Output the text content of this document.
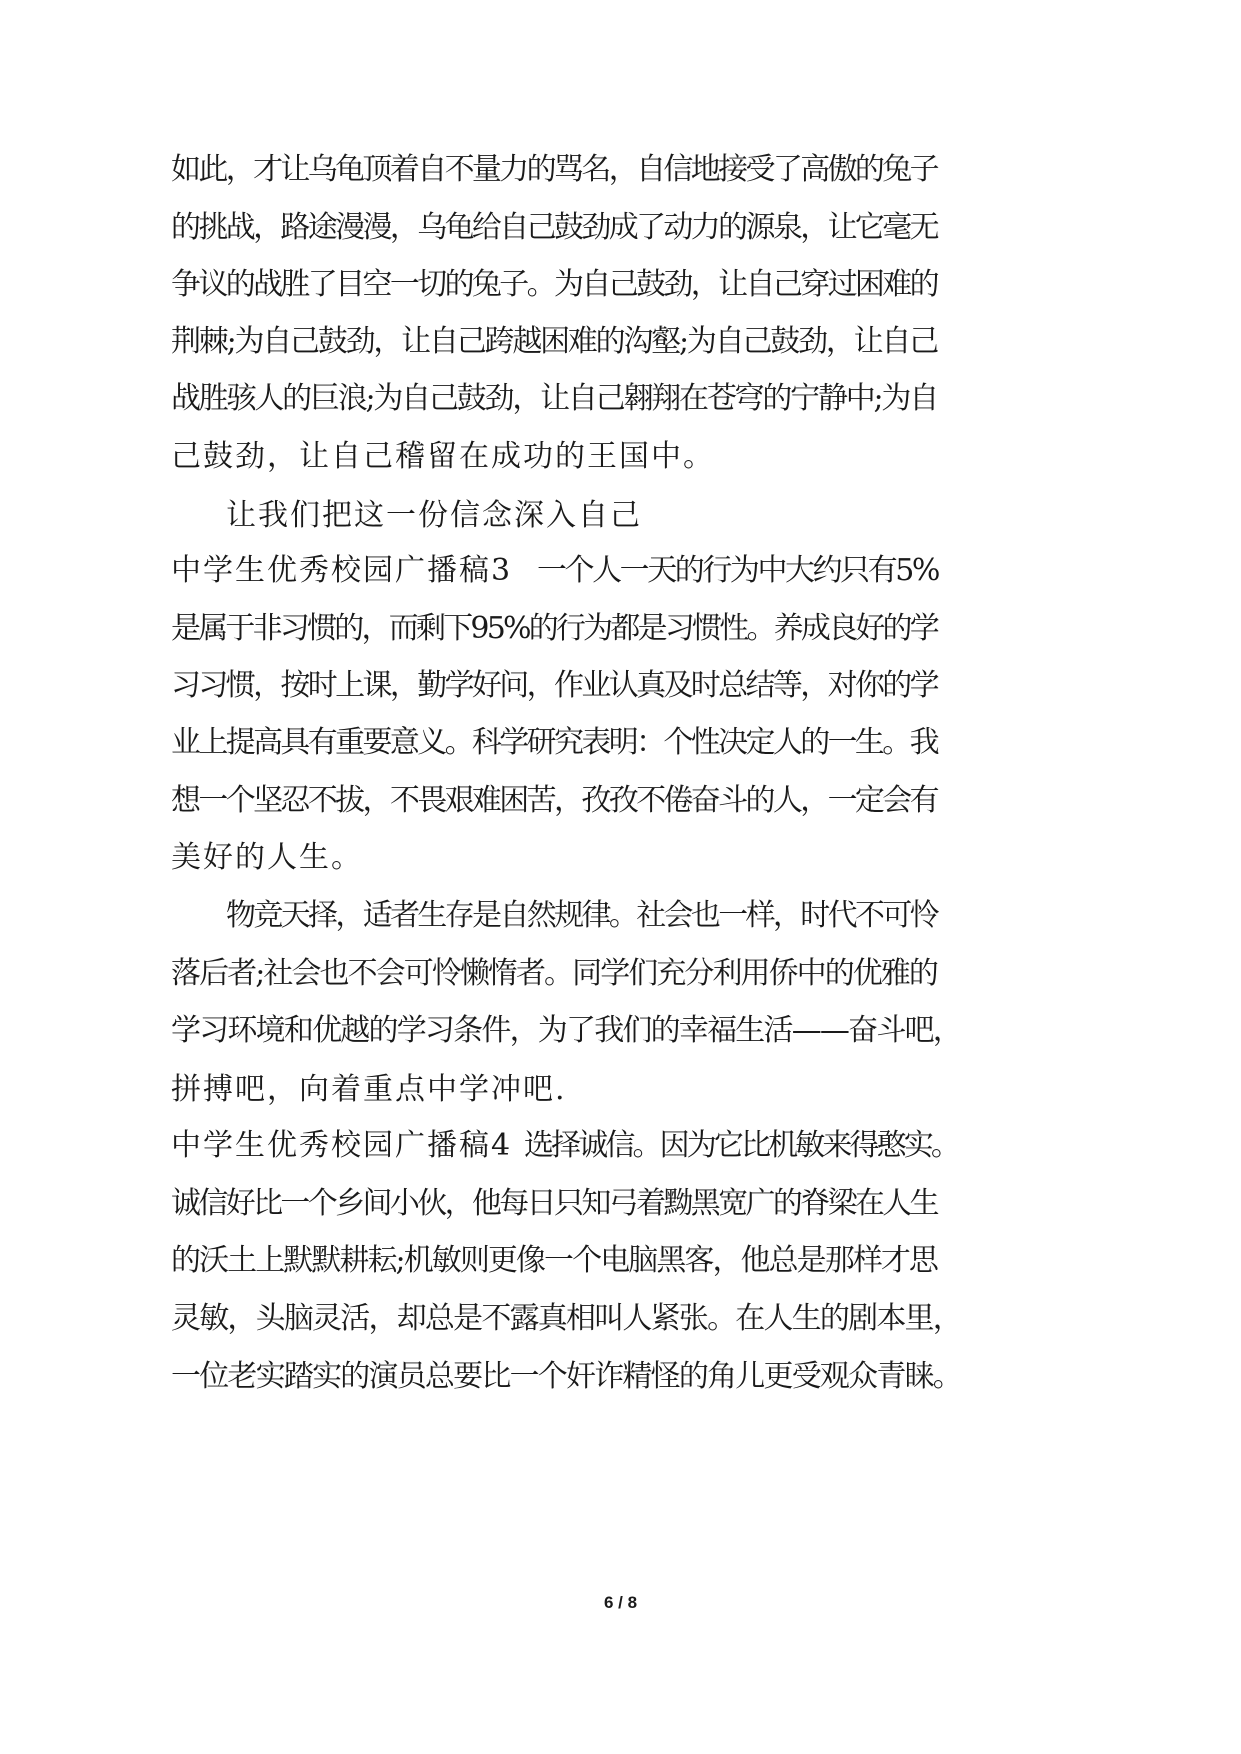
如此，才让乌龟顶着自不量力的骂名，自信地接受了高傲的兔子
的挑战，路途漫漫，乌龟给自己鼓劲成了动力的源泉，让它毫无
争议的战胜了目空一切的兔子。为自己鼓劲，让自己穿过困难的
荆棘;为自己鼓劲，让自己跨越困难的沟壑;为自己鼓劲，让自己
战胜骇人的巨浪;为自己鼓劲，让自己翱翔在苍穹的宁静中;为自
己鼓劲，让自己稽留在成功的王国中。
让我们把这一份信念深入自己
中学生优秀校园广播稿3 一个人一天的行为中大约只有5%
是属于非习惯的，而剩下95%的行为都是习惯性。养成良好的学
习习惯，按时上课，勤学好问，作业认真及时总结等，对你的学
业上提高具有重要意义。科学研究表明：个性决定人的一生。我
想一个坚忍不拔，不畏艰难困苦，孜孜不倦奋斗的人，一定会有
美好的人生。
物竞天择，适者生存是自然规律。社会也一样，时代不可怜
落后者;社会也不会可怜懒惰者。同学们充分利用侨中的优雅的
学习环境和优越的学习条件，为了我们的幸福生活——奋斗吧，
拼搏吧，向着重点中学冲吧.
中学生优秀校园广播稿4 选择诚信。因为它比机敏来得憨实。
诚信好比一个乡间小伙，他每日只知弓着黝黑宽广的脊梁在人生
的沃土上默默耕耘;机敏则更像一个电脑黑客，他总是那样才思
灵敏，头脑灵活，却总是不露真相叫人紧张。在人生的剧本里，
一位老实踏实的演员总要比一个奸诈精怪的角儿更受观众青睐。
6 / 8
